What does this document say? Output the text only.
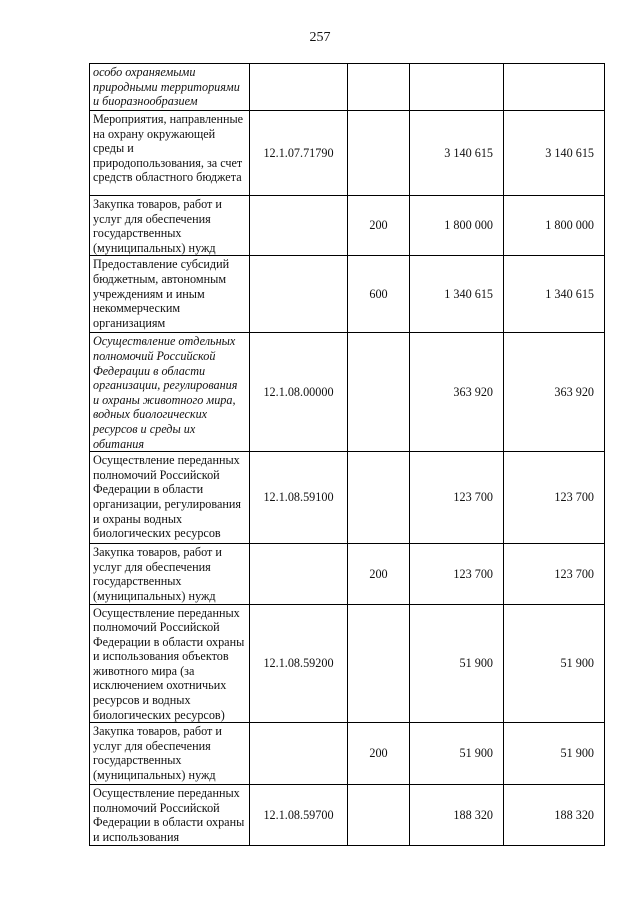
257
особо охраняемыми природными территориями и биоразнообразием				
Мероприятия, направленные на охрану окружающей среды и природопользования, за счет средств областного бюджета	12.1.07.71790		3 140 615	3 140 615
Закупка товаров, работ и услуг для обеспечения государственных (муниципальных) нужд		200	1 800 000	1 800 000
Предоставление субсидий бюджетным, автономным учреждениям и иным некоммерческим организациям		600	1 340 615	1 340 615
Осуществление отдельных полномочий Российской Федерации в области организации, регулирования и охраны животного мира, водных биологических ресурсов и среды их обитания	12.1.08.00000		363 920	363 920
Осуществление переданных полномочий Российской Федерации в области организации, регулирования и охраны водных биологических ресурсов	12.1.08.59100		123 700	123 700
Закупка товаров, работ и услуг для обеспечения государственных (муниципальных) нужд		200	123 700	123 700
Осуществление переданных полномочий Российской Федерации в области охраны и использования объектов животного мира (за исключением охотничьих ресурсов и водных биологических ресурсов)	12.1.08.59200		51 900	51 900
Закупка товаров, работ и услуг для обеспечения государственных (муниципальных) нужд		200	51 900	51 900
Осуществление переданных полномочий Российской Федерации в области охраны и использования	12.1.08.59700		188 320	188 320
